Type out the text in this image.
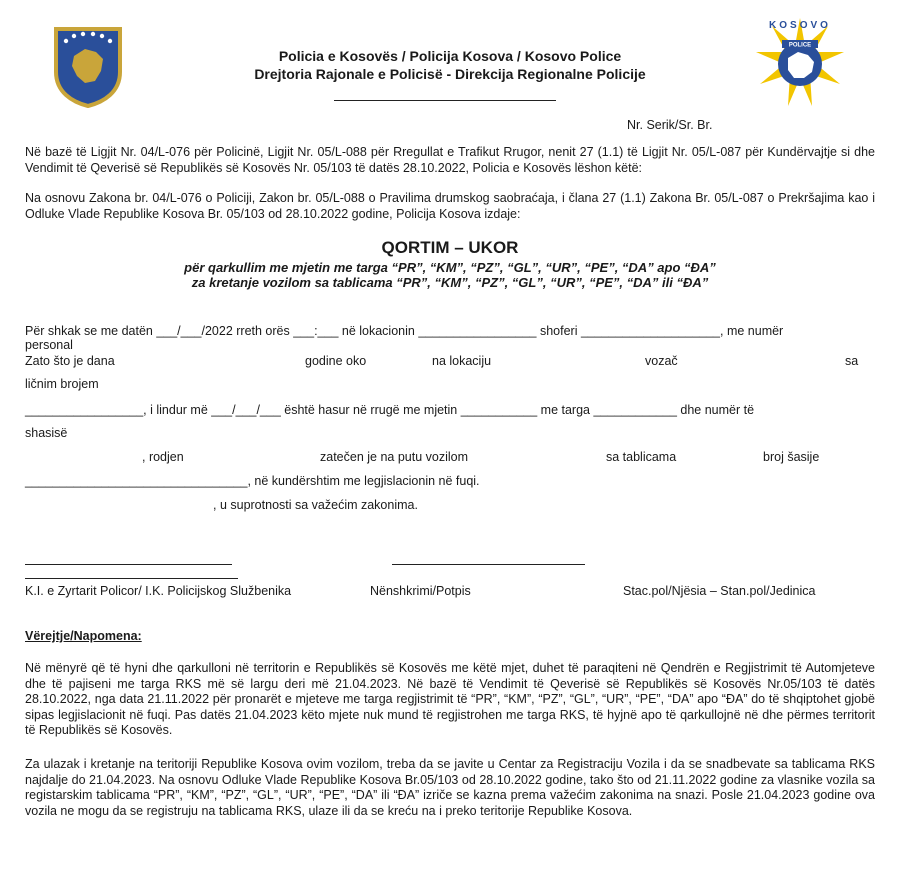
POLICE
KOSOVO
Policia e Kosovës / Policija Kosova / Kosovo Police
Drejtoria Rajonale e Policisë - Direkcija Regionalne Policije
Nr. Serik/Sr. Br.
Në bazë të Ligjit Nr. 04/L-076 për Policinë, Ligjit Nr. 05/L-088 për Rregullat e Trafikut Rrugor, nenit 27 (1.1) të Ligjit Nr. 05/L-087 për Kundërvajtje si dhe Vendimit të Qeverisë së Republikës së Kosovës Nr. 05/103 të datës 28.10.2022, Policia e Kosovës lëshon këtë:
Na osnovu Zakona br. 04/L-076 o Policiji, Zakon br. 05/L-088 o Pravilima drumskog saobraćaja, i člana 27 (1.1) Zakona Br. 05/L-087 o Prekršajima kao i Odluke Vlade Republike Kosova Br. 05/103 od 28.10.2022 godine, Policija Kosova izdaje:
QORTIM – UKOR
për qarkullim me mjetin me targa “PR”, “KM”, “PZ”, “GL”, “UR”, “PE”, “DA” apo “ĐA”
za kretanje vozilom sa tablicama “PR”, “KM”, “PZ”, “GL”, “UR”, “PE”, “DA” ili “ĐA”
Për shkak se me datën ___/___/2022 rreth orës ___:___ në lokacionin _________________ shoferi ____________________, me numër
personal
Zato što je dana	godine oko	na lokaciju	vozač	sa
ličnim brojem
_________________, i lindur më ___/___/___ është hasur në rrugë me mjetin ___________ me targa ____________ dhe numër të
shasisë
, rodjen	zatečen je na putu vozilom	sa tablicama	broj šasije
________________________________, në kundërshtim me legjislacionin në fuqi.
, u suprotnosti sa važećim zakonima.
K.I. e Zyrtarit Policor/ I.K. Policijskog Službenika	Nënshkrimi/Potpis	Stac.pol/Njësia – Stan.pol/Jedinica
Vërejtje/Napomena:
Në mënyrë që të hyni dhe qarkulloni në territorin e Republikës së Kosovës me këtë mjet, duhet të paraqiteni në Qendrën e Regjistrimit të Automjeteve dhe të pajiseni me targa RKS më së largu deri më 21.04.2023. Në bazë të Vendimit të Qeverisë së Republikës së Kosovës Nr.05/103 të datës 28.10.2022, nga data 21.11.2022 për pronarët e mjeteve me targa regjistrimit të “PR”, “KM”, “PZ”, “GL”, “UR”, “PE”, “DA” apo “ĐA” do të shqiptohet gjobë sipas legjislacionit në fuqi. Pas datës 21.04.2023 këto mjete nuk mund të regjistrohen me targa RKS, të hyjnë apo të qarkullojnë në dhe përmes territorit të Republikës së Kosovës.
Za ulazak i kretanje na teritoriji Republike Kosova ovim vozilom, treba da se javite u Centar za Registraciju Vozila i da se snadbevate sa tablicama RKS najdalje do 21.04.2023. Na osnovu Odluke Vlade Republike Kosova Br.05/103 od 28.10.2022 godine, tako što od 21.11.2022 godine za vlasnike vozila sa registarskim tablicama “PR”, “KM”, “PZ”, “GL”, “UR”, “PE”, “DA” ili “ĐA” izriče se kazna prema važećim zakonima na snazi. Posle 21.04.2023 godine ova vozila ne mogu da se registruju na tablicama RKS, ulaze ili da se kreću na i preko teritorije Republike Kosova.
